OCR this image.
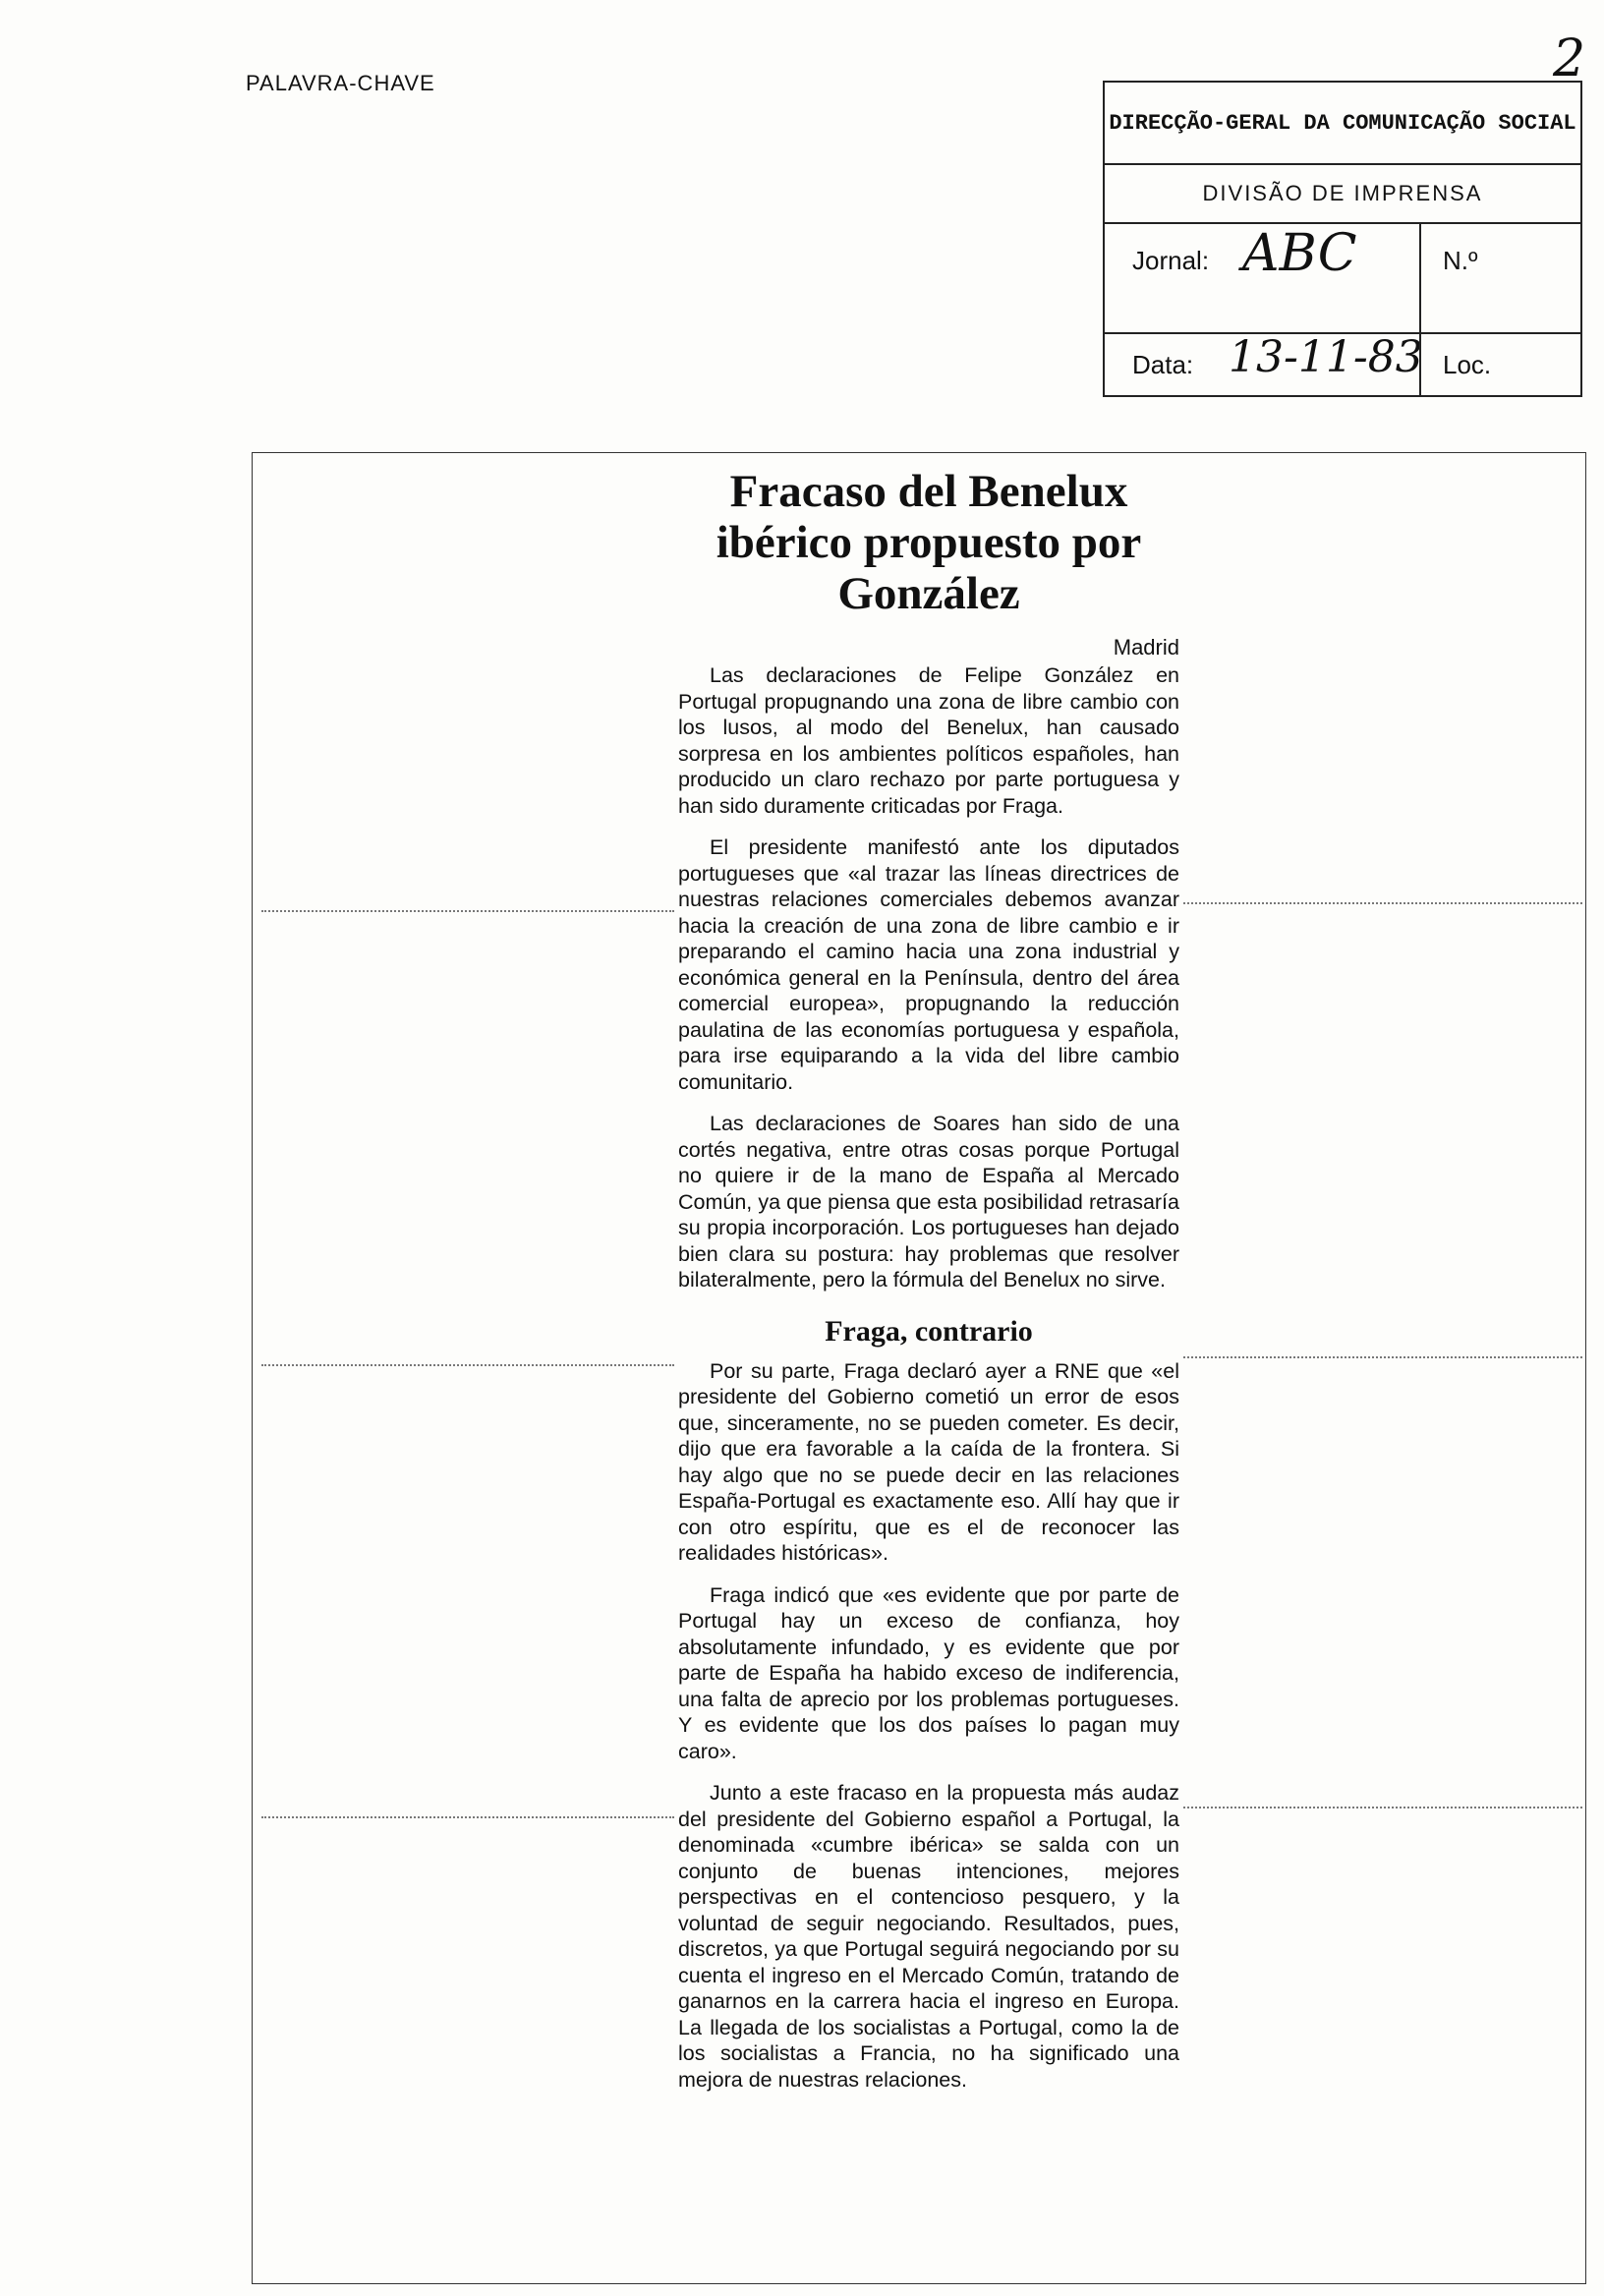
PALAVRA-CHAVE	2
DIRECÇÃO-GERAL DA COMUNICAÇÃO SOCIAL
DIVISÃO DE IMPRENSA
Jornal: ABC	N.º
Data: 13-11-83 Loc.
Fracaso del Benelux ibérico propuesto por González
Madrid

Las declaraciones de Felipe González en Portugal propugnando una zona de libre cambio con los lusos, al modo del Benelux, han causado sorpresa en los ambientes políticos españoles, han producido un claro rechazo por parte portuguesa y han sido duramente criticadas por Fraga.

El presidente manifestó ante los diputados portugueses que «al trazar las líneas directrices de nuestras relaciones comerciales debemos avanzar hacia la creación de una zona de libre cambio e ir preparando el camino hacia una zona industrial y económica general en la Península, dentro del área comercial europea», propugnando la reducción paulatina de las economías portuguesa y española, para irse equiparando a la vida del libre cambio comunitario.

Las declaraciones de Soares han sido de una cortés negativa, entre otras cosas porque Portugal no quiere ir de la mano de España al Mercado Común, ya que piensa que esta posibilidad retrasaría su propia incorporación. Los portugueses han dejado bien clara su postura: hay problemas que resolver bilateralmente, pero la fórmula del Benelux no sirve.

Fraga, contrario

Por su parte, Fraga declaró ayer a RNE que «el presidente del Gobierno cometió un error de esos que, sinceramente, no se pueden cometer. Es decir, dijo que era favorable a la caída de la frontera. Si hay algo que no se puede decir en las relaciones España-Portugal es exactamente eso. Allí hay que ir con otro espíritu, que es el de reconocer las realidades históricas».

Fraga indicó que «es evidente que por parte de Portugal hay un exceso de confianza, hoy absolutamente infundado, y es evidente que por parte de España ha habido exceso de indiferencia, una falta de aprecio por los problemas portugueses. Y es evidente que los dos países lo pagan muy caro».

Junto a este fracaso en la propuesta más audaz del presidente del Gobierno español a Portugal, la denominada «cumbre ibérica» se salda con un conjunto de buenas intenciones, mejores perspectivas en el contencioso pesquero, y la voluntad de seguir negociando. Resultados, pues, discretos, ya que Portugal seguirá negociando por su cuenta el ingreso en el Mercado Común, tratando de ganarnos en la carrera hacia el ingreso en Europa. La llegada de los socialistas a Portugal, como la de los socialistas a Francia, no ha significado una mejora de nuestras relaciones.
